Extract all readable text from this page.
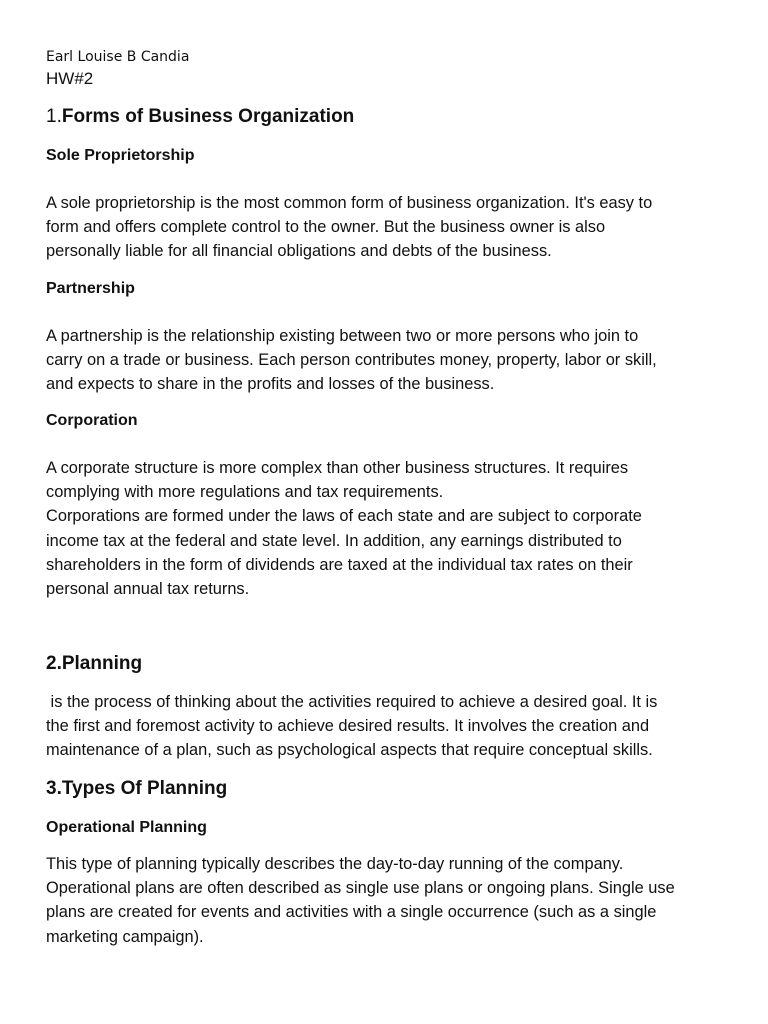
Earl Louise B Candia
HW#2
1.Forms of Business Organization
Sole Proprietorship
A sole proprietorship is the most common form of business organization. It's easy to
form and offers complete control to the owner. But the business owner is also
personally liable for all financial obligations and debts of the business.
Partnership
A partnership is the relationship existing between two or more persons who join to
carry on a trade or business. Each person contributes money, property, labor or skill,
and expects to share in the profits and losses of the business.
Corporation
A corporate structure is more complex than other business structures. It requires
complying with more regulations and tax requirements.
Corporations are formed under the laws of each state and are subject to corporate
income tax at the federal and state level. In addition, any earnings distributed to
shareholders in the form of dividends are taxed at the individual tax rates on their
personal annual tax returns.
2.Planning
is the process of thinking about the activities required to achieve a desired goal. It is
the first and foremost activity to achieve desired results. It involves the creation and
maintenance of a plan, such as psychological aspects that require conceptual skills.
3.Types Of Planning
Operational Planning
This type of planning typically describes the day-to-day running of the company.
Operational plans are often described as single use plans or ongoing plans. Single use
plans are created for events and activities with a single occurrence (such as a single
marketing campaign).
